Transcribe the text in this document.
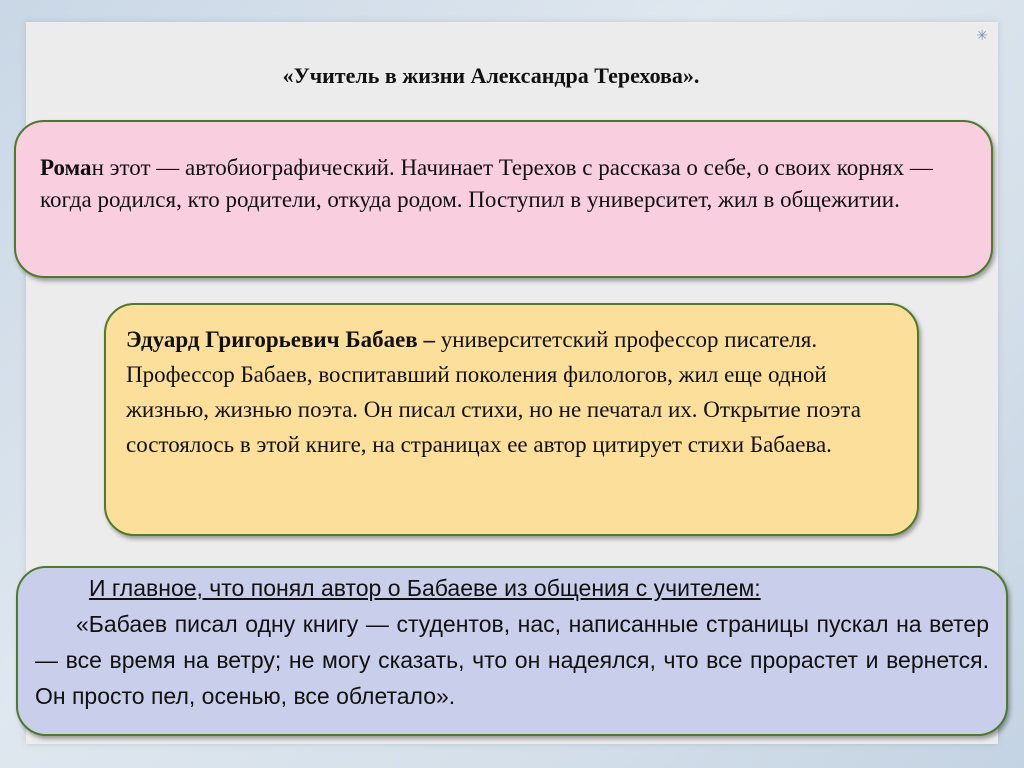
✳
«Учитель в жизни Александра Терехова».
Роман этот — автобиографический. Начинает Терехов с рассказа о себе, о своих корнях — когда родился, кто родители, откуда родом. Поступил в университет, жил в общежитии.
Эдуард Григорьевич Бабаев – университетский профессор писателя. Профессор Бабаев, воспитавший поколения филологов, жил еще одной жизнью, жизнью поэта. Он писал стихи, но не печатал их. Открытие поэта состоялось в этой книге, на страницах ее автор цитирует стихи Бабаева.
И главное, что понял автор о Бабаеве из общения с учителем:
«Бабаев писал одну книгу — студентов, нас, написанные страницы пускал на ветер — все время на ветру; не могу сказать, что он надеялся, что все прорастет и вернется. Он просто пел, осенью, все облетало».
